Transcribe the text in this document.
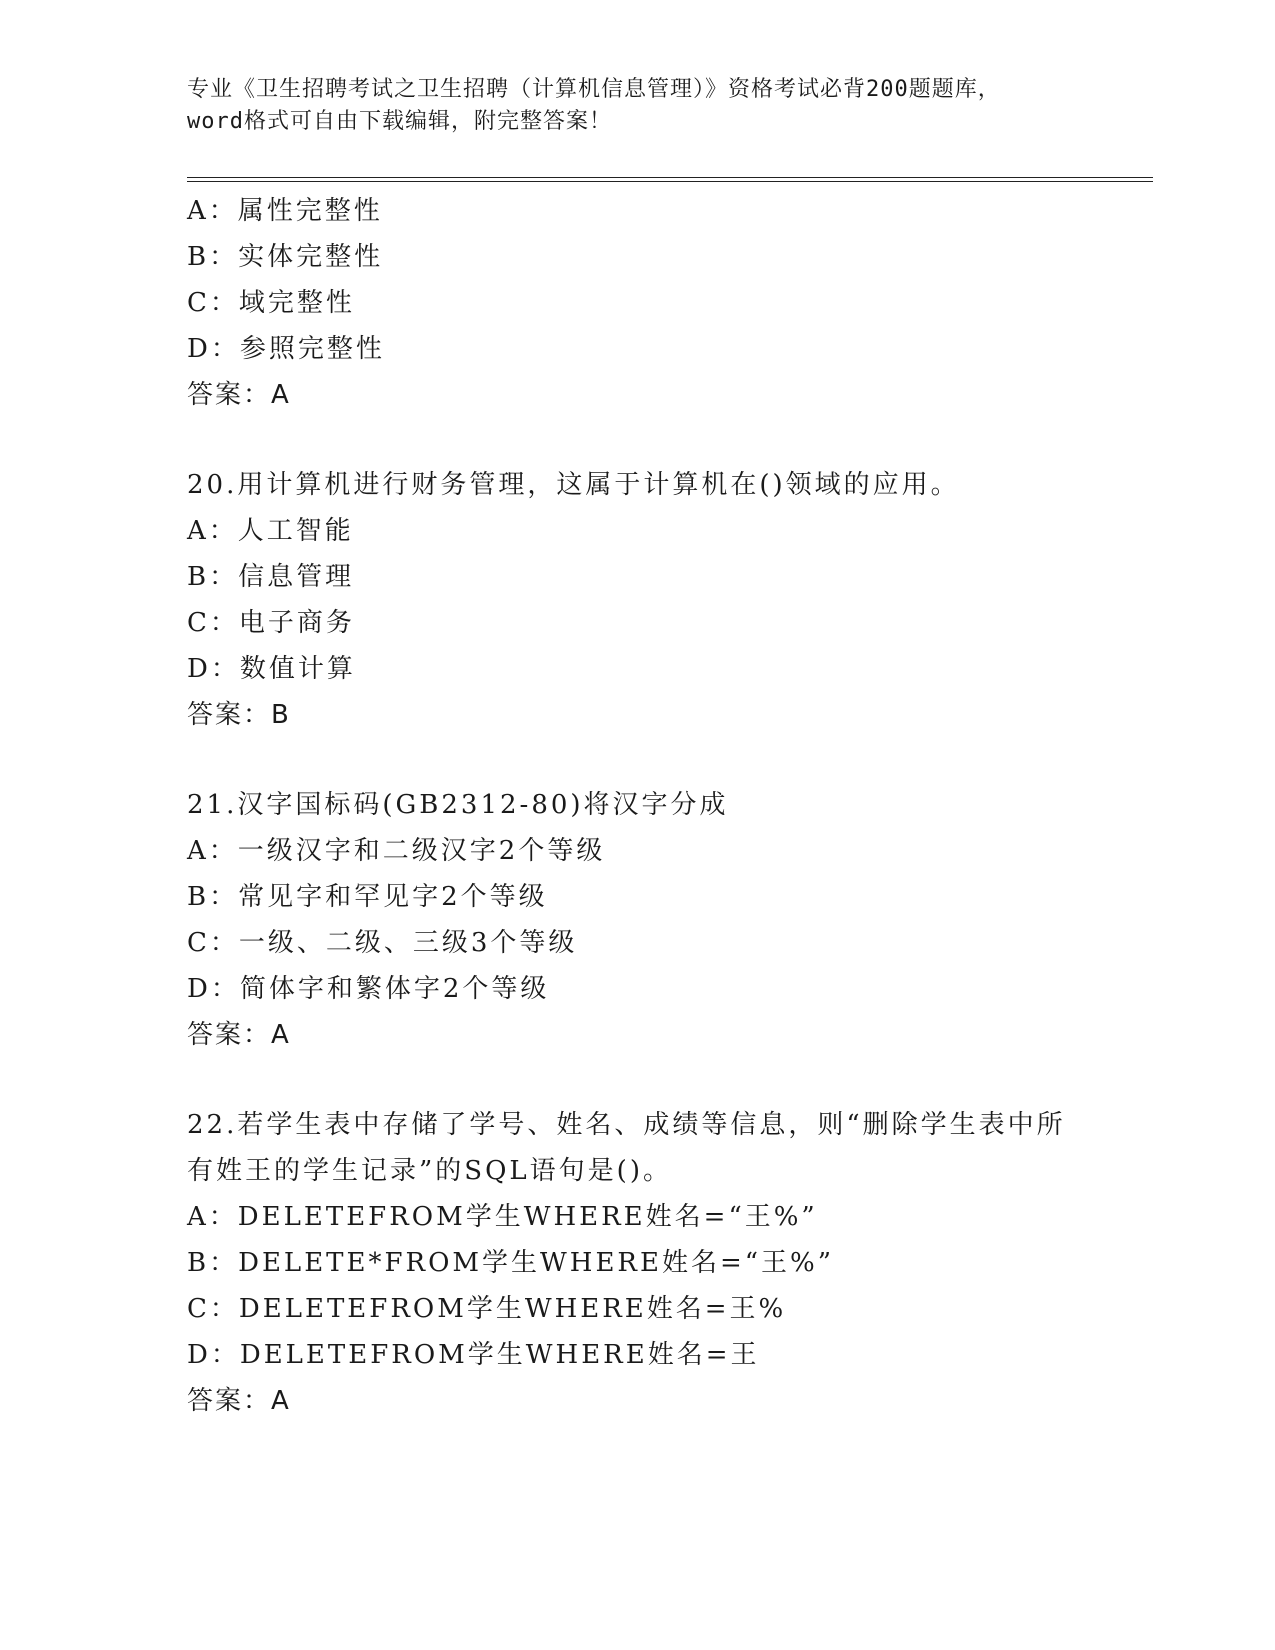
专业《卫生招聘考试之卫生招聘（计算机信息管理）》资格考试必背200题题库，
word格式可自由下载编辑，附完整答案！
A：属性完整性
B：实体完整性
C：域完整性
D：参照完整性
答案：A
20.用计算机进行财务管理，这属于计算机在()领域的应用。
A：人工智能
B：信息管理
C：电子商务
D：数值计算
答案：B
21.汉字国标码(GB2312-80)将汉字分成
A：一级汉字和二级汉字2个等级
B：常见字和罕见字2个等级
C：一级、二级、三级3个等级
D：简体字和繁体字2个等级
答案：A
22.若学生表中存储了学号、姓名、成绩等信息，则“删除学生表中所
有姓王的学生记录”的SQL语句是()。
A：DELETEFROM学生WHERE姓名=“王%”
B：DELETE*FROM学生WHERE姓名=“王%”
C：DELETEFROM学生WHERE姓名=王%
D：DELETEFROM学生WHERE姓名=王
答案：A
